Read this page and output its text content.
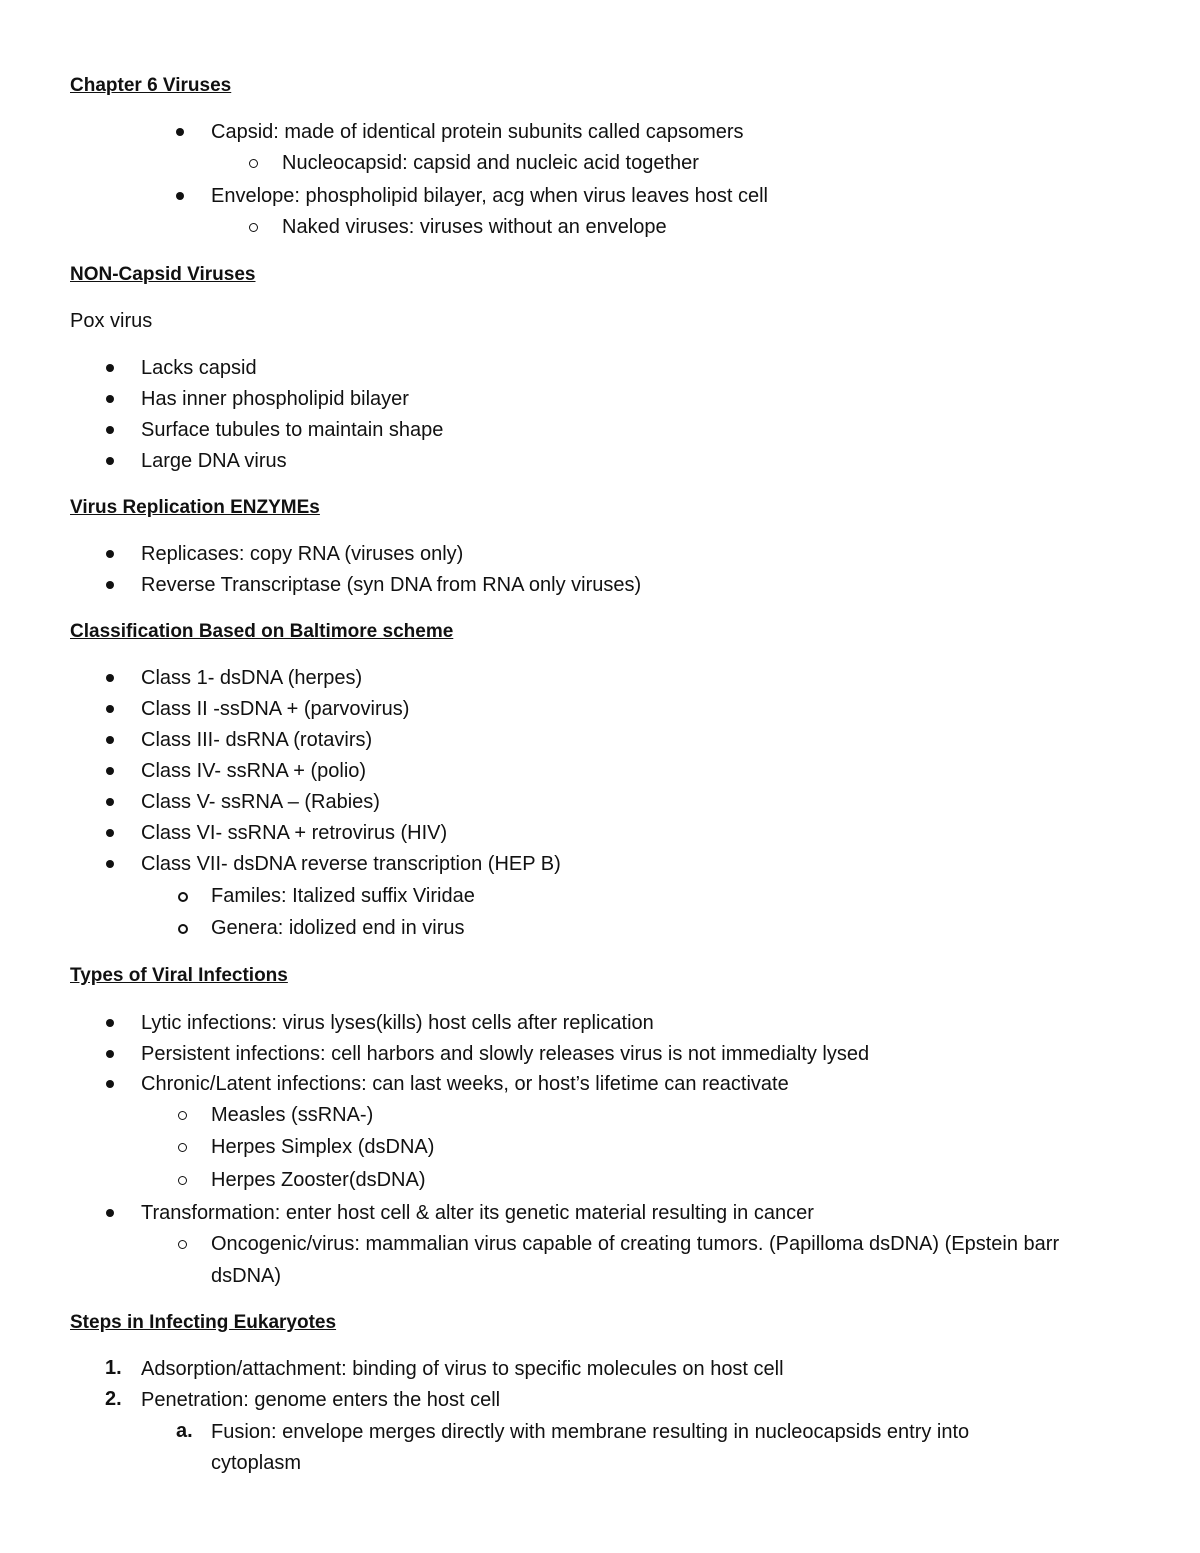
Chapter 6 Viruses
Capsid: made of identical protein subunits called capsomers
Nucleocapsid: capsid and nucleic acid together
Envelope: phospholipid bilayer, acg when virus leaves host cell
Naked viruses: viruses without an envelope
NON-Capsid Viruses
Pox virus
Lacks capsid
Has inner phospholipid bilayer
Surface tubules to maintain shape
Large DNA virus
Virus Replication ENZYMEs
Replicases: copy RNA (viruses only)
Reverse Transcriptase (syn DNA from RNA only viruses)
Classification Based on Baltimore scheme
Class 1- dsDNA (herpes)
Class II -ssDNA + (parvovirus)
Class III- dsRNA (rotavirs)
Class IV- ssRNA + (polio)
Class V- ssRNA – (Rabies)
Class VI- ssRNA + retrovirus (HIV)
Class VII- dsDNA reverse transcription (HEP B)
Familes: Italized suffix Viridae
Genera: idolized end in virus
Types of Viral Infections
Lytic infections: virus lyses(kills) host cells after replication
Persistent infections: cell harbors and slowly releases virus is not immedialty lysed
Chronic/Latent infections: can last weeks, or host’s lifetime can reactivate
Measles (ssRNA-)
Herpes Simplex (dsDNA)
Herpes Zooster(dsDNA)
Transformation: enter host cell & alter its genetic material resulting in cancer
Oncogenic/virus: mammalian virus capable of creating tumors. (Papilloma dsDNA) (Epstein barr
dsDNA)
Steps in Infecting Eukaryotes
1. Adsorption/attachment: binding of virus to specific molecules on host cell
2. Penetration: genome enters the host cell
a. Fusion: envelope merges directly with membrane resulting in nucleocapsids entry into
cytoplasm
